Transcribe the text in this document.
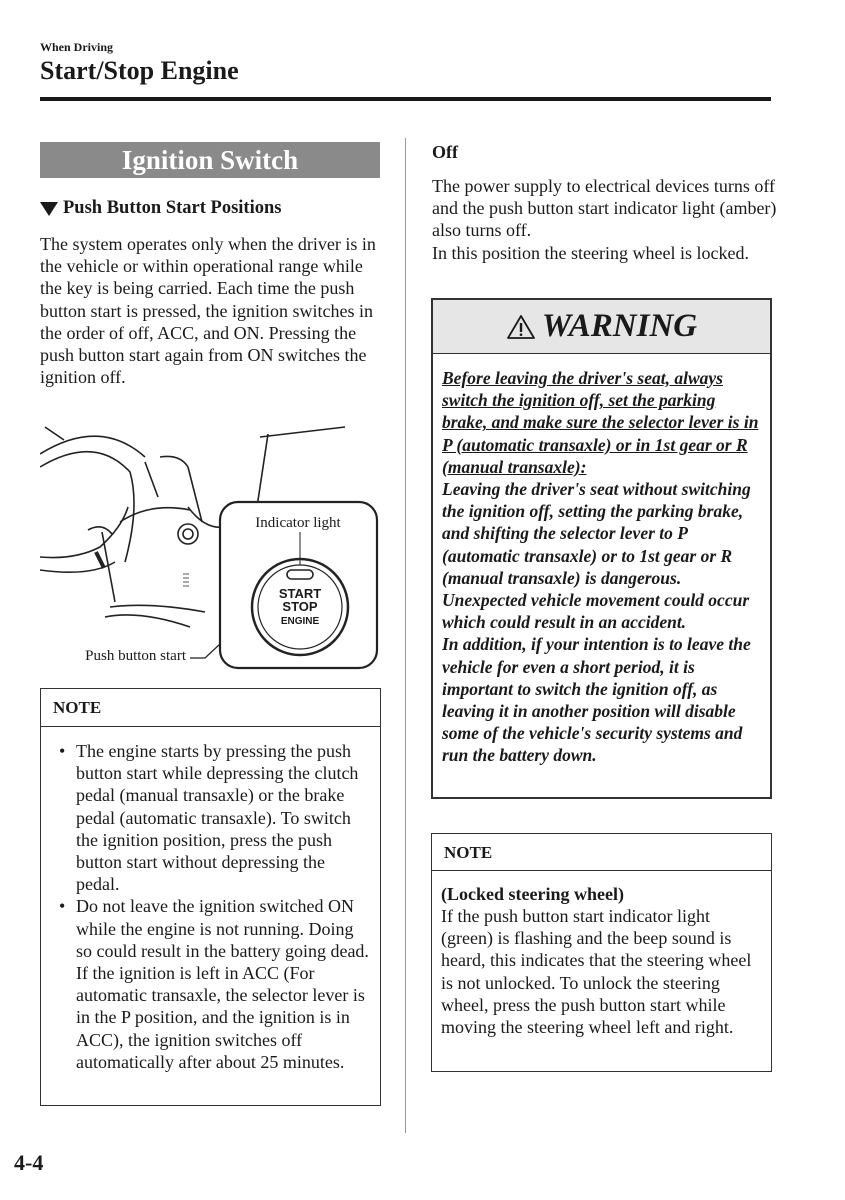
When Driving
Start/Stop Engine
Ignition Switch
Push Button Start Positions
The system operates only when the driver is in the vehicle or within operational range while the key is being carried. Each time the push button start is pressed, the ignition switches in the order of off, ACC, and ON. Pressing the push button start again from ON switches the ignition off.
START
STOP
ENGINE
Indicator light
Push button start
NOTE
• The engine starts by pressing the push button start while depressing the clutch pedal (manual transaxle) or the brake pedal (automatic transaxle). To switch the ignition position, press the push button start without depressing the pedal.
• Do not leave the ignition switched ON while the engine is not running. Doing so could result in the battery going dead. If the ignition is left in ACC (For automatic transaxle, the selector lever is in the P position, and the ignition is in ACC), the ignition switches off automatically after about 25 minutes.
Off
The power supply to electrical devices turns off and the push button start indicator light (amber) also turns off.
In this position the steering wheel is locked.
WARNING
Before leaving the driver's seat, always switch the ignition off, set the parking brake, and make sure the selector lever is in P (automatic transaxle) or in 1st gear or R (manual transaxle):
Leaving the driver's seat without switching the ignition off, setting the parking brake, and shifting the selector lever to P (automatic transaxle) or to 1st gear or R (manual transaxle) is dangerous. Unexpected vehicle movement could occur which could result in an accident.
In addition, if your intention is to leave the vehicle for even a short period, it is important to switch the ignition off, as leaving it in another position will disable some of the vehicle's security systems and run the battery down.
NOTE
(Locked steering wheel)
If the push button start indicator light (green) is flashing and the beep sound is heard, this indicates that the steering wheel is not unlocked. To unlock the steering wheel, press the push button start while moving the steering wheel left and right.
4-4
